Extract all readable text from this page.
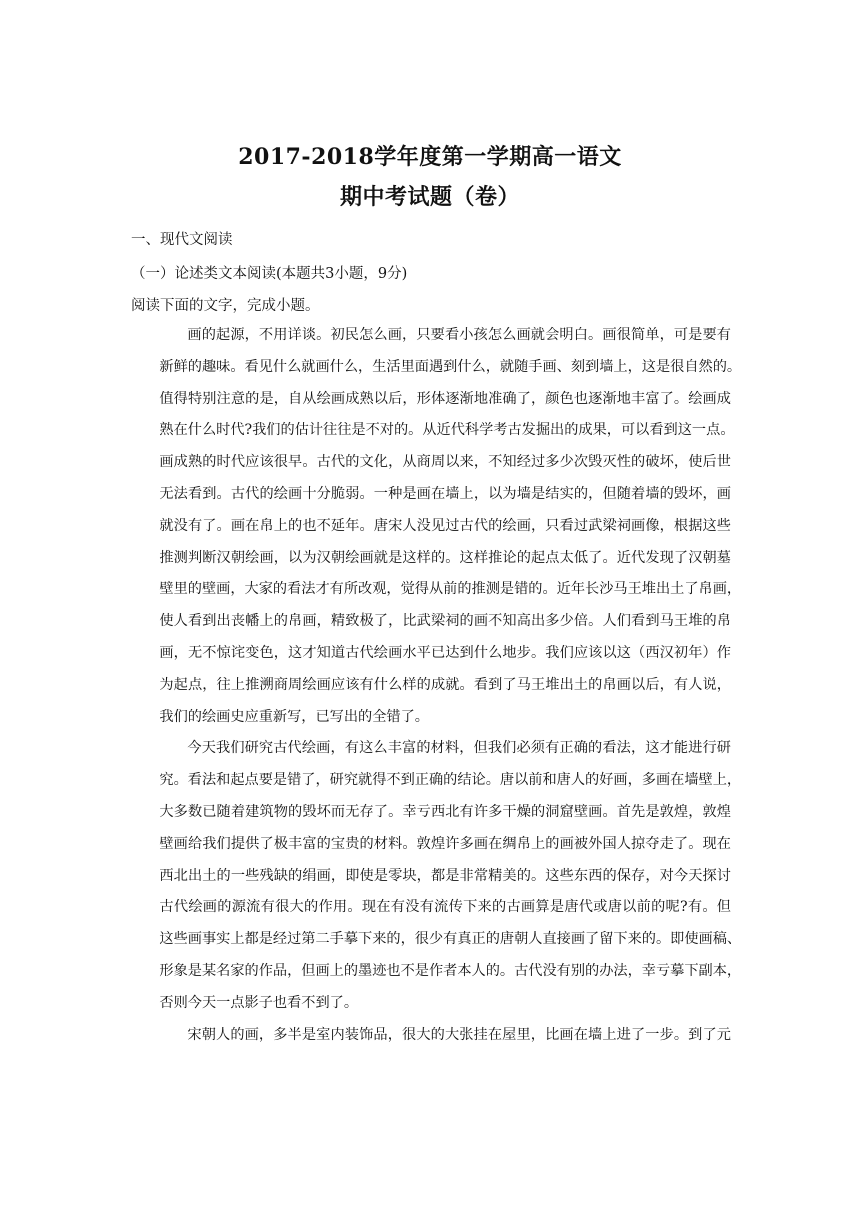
2017-2018学年度第一学期高一语文
期中考试题（卷）
一、现代文阅读
（一）论述类文本阅读(本题共3小题，9分)
阅读下面的文字，完成小题。
画的起源，不用详谈。初民怎么画，只要看小孩怎么画就会明白。画很简单，可是要有
新鲜的趣味。看见什么就画什么，生活里面遇到什么，就随手画、刻到墙上，这是很自然的。
值得特别注意的是，自从绘画成熟以后，形体逐渐地准确了，颜色也逐渐地丰富了。绘画成
熟在什么时代?我们的估计往往是不对的。从近代科学考古发掘出的成果，可以看到这一点。
画成熟的时代应该很早。古代的文化，从商周以来，不知经过多少次毁灭性的破坏，使后世
无法看到。古代的绘画十分脆弱。一种是画在墙上，以为墙是结实的，但随着墙的毁坏，画
就没有了。画在帛上的也不延年。唐宋人没见过古代的绘画，只看过武梁祠画像，根据这些
推测判断汉朝绘画，以为汉朝绘画就是这样的。这样推论的起点太低了。近代发现了汉朝墓
壁里的壁画，大家的看法才有所改观，觉得从前的推测是错的。近年长沙马王堆出土了帛画，
使人看到出丧幡上的帛画，精致极了，比武梁祠的画不知高出多少倍。人们看到马王堆的帛
画，无不惊诧变色，这才知道古代绘画水平已达到什么地步。我们应该以这（西汉初年）作
为起点，往上推溯商周绘画应该有什么样的成就。看到了马王堆出土的帛画以后，有人说，
我们的绘画史应重新写，已写出的全错了。
今天我们研究古代绘画，有这么丰富的材料，但我们必须有正确的看法，这才能进行研
究。看法和起点要是错了，研究就得不到正确的结论。唐以前和唐人的好画，多画在墙壁上，
大多数已随着建筑物的毁坏而无存了。幸亏西北有许多干燥的洞窟壁画。首先是敦煌，敦煌
壁画给我们提供了极丰富的宝贵的材料。敦煌许多画在绸帛上的画被外国人掠夺走了。现在
西北出土的一些残缺的绢画，即使是零块，都是非常精美的。这些东西的保存，对今天探讨
古代绘画的源流有很大的作用。现在有没有流传下来的古画算是唐代或唐以前的呢?有。但
这些画事实上都是经过第二手摹下来的，很少有真正的唐朝人直接画了留下来的。即使画稿、
形象是某名家的作品，但画上的墨迹也不是作者本人的。古代没有别的办法，幸亏摹下副本，
否则今天一点影子也看不到了。
宋朝人的画，多半是室内装饰品，很大的大张挂在屋里，比画在墙上进了一步。到了元
